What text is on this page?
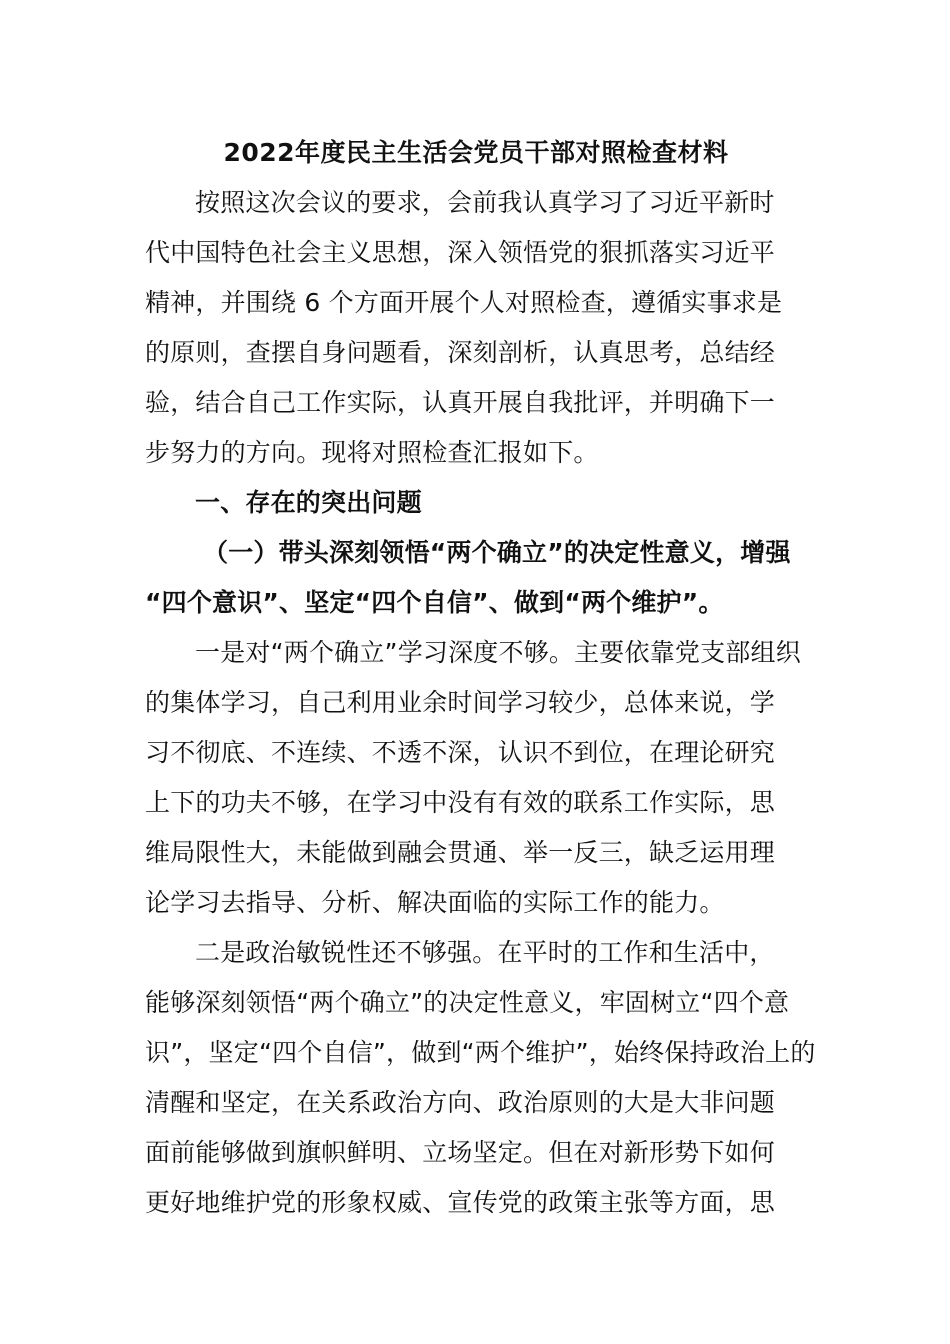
2022年度民主生活会党员干部对照检查材料
按照这次会议的要求，会前我认真学习了习近平新时
代中国特色社会主义思想，深入领悟党的狠抓落实习近平
精神，并围绕 6 个方面开展个人对照检查，遵循实事求是
的原则，查摆自身问题看，深刻剖析，认真思考，总结经
验，结合自己工作实际，认真开展自我批评，并明确下一
步努力的方向。现将对照检查汇报如下。
一、存在的突出问题
（一）带头深刻领悟“两个确立”的决定性意义，增强
“四个意识”、坚定“四个自信”、做到“两个维护”。
一是对“两个确立”学习深度不够。主要依靠党支部组织
的集体学习，自己利用业余时间学习较少，总体来说，学
习不彻底、不连续、不透不深，认识不到位，在理论研究
上下的功夫不够，在学习中没有有效的联系工作实际，思
维局限性大，未能做到融会贯通、举一反三，缺乏运用理
论学习去指导、分析、解决面临的实际工作的能力。
二是政治敏锐性还不够强。在平时的工作和生活中，
能够深刻领悟“两个确立”的决定性意义，牢固树立“四个意
识”，坚定“四个自信”，做到“两个维护”，始终保持政治上的
清醒和坚定，在关系政治方向、政治原则的大是大非问题
面前能够做到旗帜鲜明、立场坚定。但在对新形势下如何
更好地维护党的形象权威、宣传党的政策主张等方面，思
